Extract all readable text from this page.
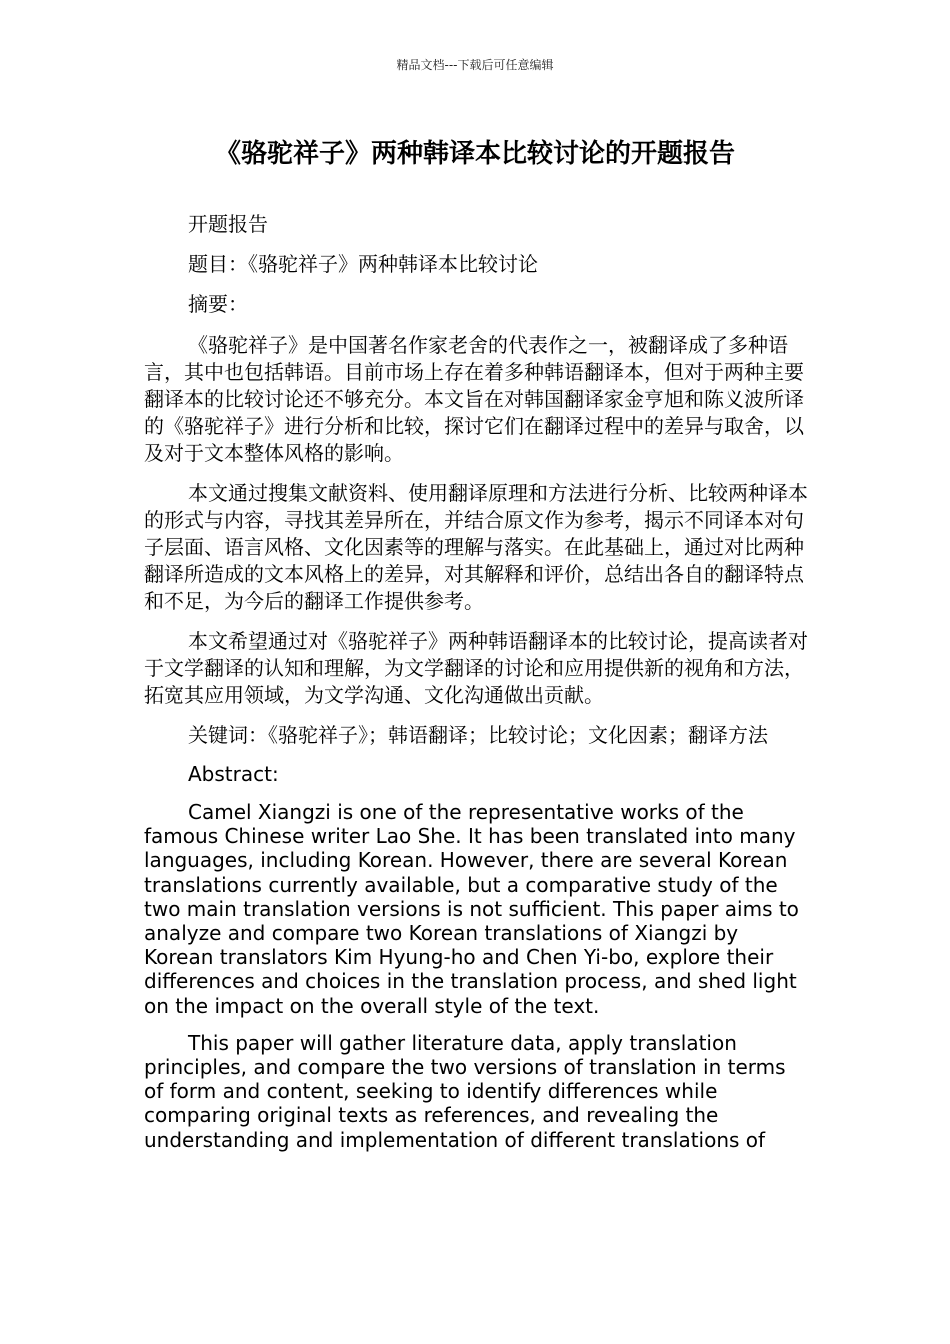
精品文档---下载后可任意编辑
《骆驼祥子》两种韩译本比较讨论的开题报告

开题报告

题目：《骆驼祥子》两种韩译本比较讨论

摘要：

《骆驼祥子》是中国著名作家老舍的代表作之一，被翻译成了多种语言，其中也包括韩语。目前市场上存在着多种韩语翻译本，但对于两种主要翻译本的比较讨论还不够充分。本文旨在对韩国翻译家金亨旭和陈义波所译的《骆驼祥子》进行分析和比较，探讨它们在翻译过程中的差异与取舍，以及对于文本整体风格的影响。

本文通过搜集文献资料、使用翻译原理和方法进行分析、比较两种译本的形式与内容，寻找其差异所在，并结合原文作为参考，揭示不同译本对句子层面、语言风格、文化因素等的理解与落实。在此基础上，通过对比两种翻译所造成的文本风格上的差异，对其解释和评价，总结出各自的翻译特点和不足，为今后的翻译工作提供参考。

本文希望通过对《骆驼祥子》两种韩语翻译本的比较讨论，提高读者对于文学翻译的认知和理解，为文学翻译的讨论和应用提供新的视角和方法，拓宽其应用领域，为文学沟通、文化沟通做出贡献。

关键词：《骆驼祥子》；韩语翻译；比较讨论；文化因素；翻译方法

Abstract:

Camel Xiangzi is one of the representative works of the famous Chinese writer Lao She. It has been translated into many languages, including Korean. However, there are several Korean translations currently available, but a comparative study of the two main translation versions is not sufficient. This paper aims to analyze and compare two Korean translations of Xiangzi by Korean translators Kim Hyung-ho and Chen Yi-bo, explore their differences and choices in the translation process, and shed light on the impact on the overall style of the text.

This paper will gather literature data, apply translation principles, and compare the two versions of translation in terms of form and content, seeking to identify differences while comparing original texts as references, and revealing the understanding and implementation of different translations of
